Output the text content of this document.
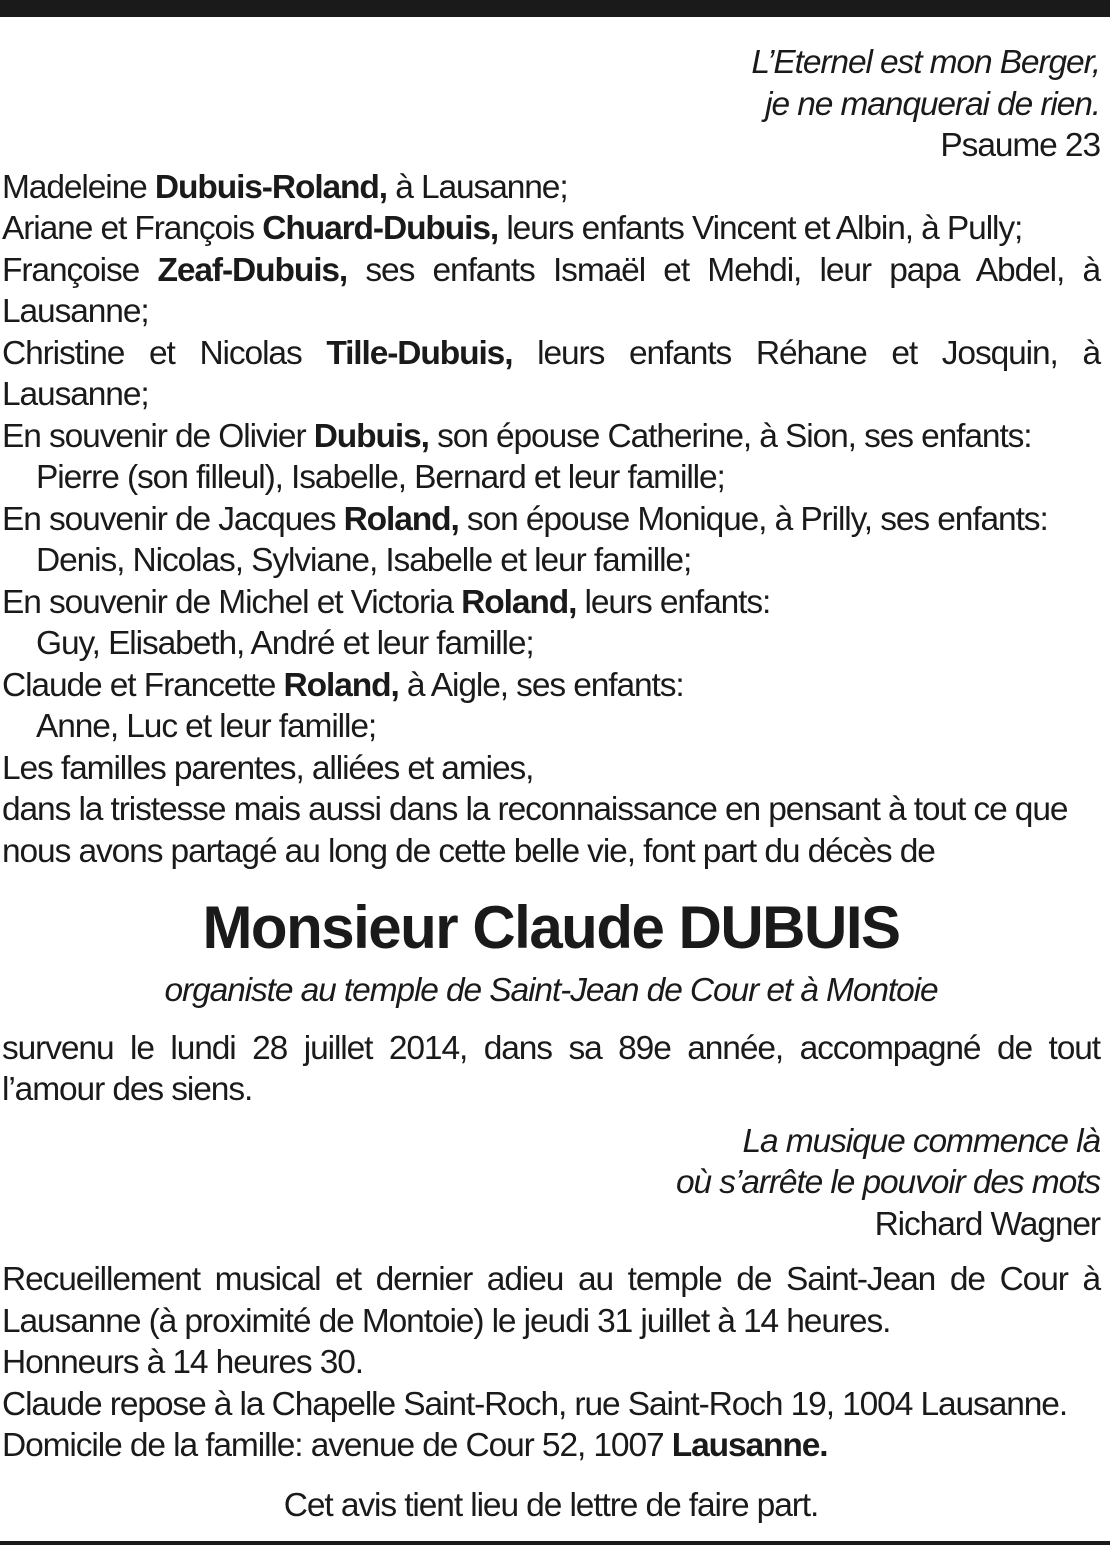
L’Eternel est mon Berger,
je ne manquerai de rien.
Psaume 23
Madeleine Dubuis-Roland, à Lausanne;
Ariane et François Chuard-Dubuis, leurs enfants Vincent et Albin, à Pully;
Françoise Zeaf-Dubuis, ses enfants Ismaël et Mehdi, leur papa Abdel, à Lausanne;
Christine et Nicolas Tille-Dubuis, leurs enfants Réhane et Josquin, à Lausanne;
En souvenir de Olivier Dubuis, son épouse Catherine, à Sion, ses enfants:
Pierre (son filleul), Isabelle, Bernard et leur famille;
En souvenir de Jacques Roland, son épouse Monique, à Prilly, ses enfants:
Denis, Nicolas, Sylviane, Isabelle et leur famille;
En souvenir de Michel et Victoria Roland, leurs enfants:
Guy, Elisabeth, André et leur famille;
Claude et Francette Roland, à Aigle, ses enfants:
Anne, Luc et leur famille;
Les familles parentes, alliées et amies,
dans la tristesse mais aussi dans la reconnaissance en pensant à tout ce que
nous avons partagé au long de cette belle vie, font part du décès de
Monsieur Claude DUBUIS
organiste au temple de Saint-Jean de Cour et à Montoie
survenu le lundi 28 juillet 2014, dans sa 89e année, accompagné de tout l’amour des siens.
La musique commence là
où s’arrête le pouvoir des mots
Richard Wagner
Recueillement musical et dernier adieu au temple de Saint-Jean de Cour à Lausanne (à proximité de Montoie) le jeudi 31 juillet à 14 heures.
Honneurs à 14 heures 30.
Claude repose à la Chapelle Saint-Roch, rue Saint-Roch 19, 1004 Lausanne.
Domicile de la famille: avenue de Cour 52, 1007 Lausanne.
Cet avis tient lieu de lettre de faire part.
